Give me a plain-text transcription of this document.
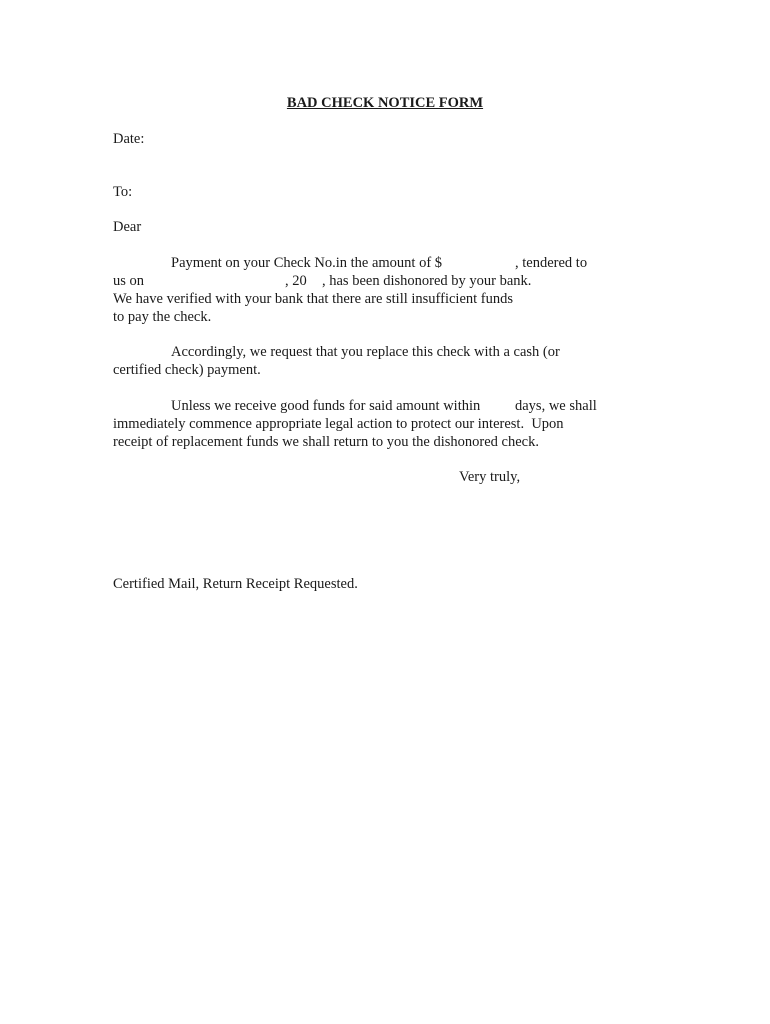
BAD CHECK NOTICE FORM
Date:
To:
Dear
Payment on your Check No.in the amount of $	, tendered to
us on	, 20 , has been dishonored by your bank.
We have verified with your bank that there are still insufficient funds
to pay the check.
Accordingly, we request that you replace this check with a cash (or
certified check) payment.
Unless we receive good funds for said amount within days, we shall
immediately commence appropriate legal action to protect our interest.  Upon
receipt of replacement funds we shall return to you the dishonored check.
Very truly,
Certified Mail, Return Receipt Requested.
